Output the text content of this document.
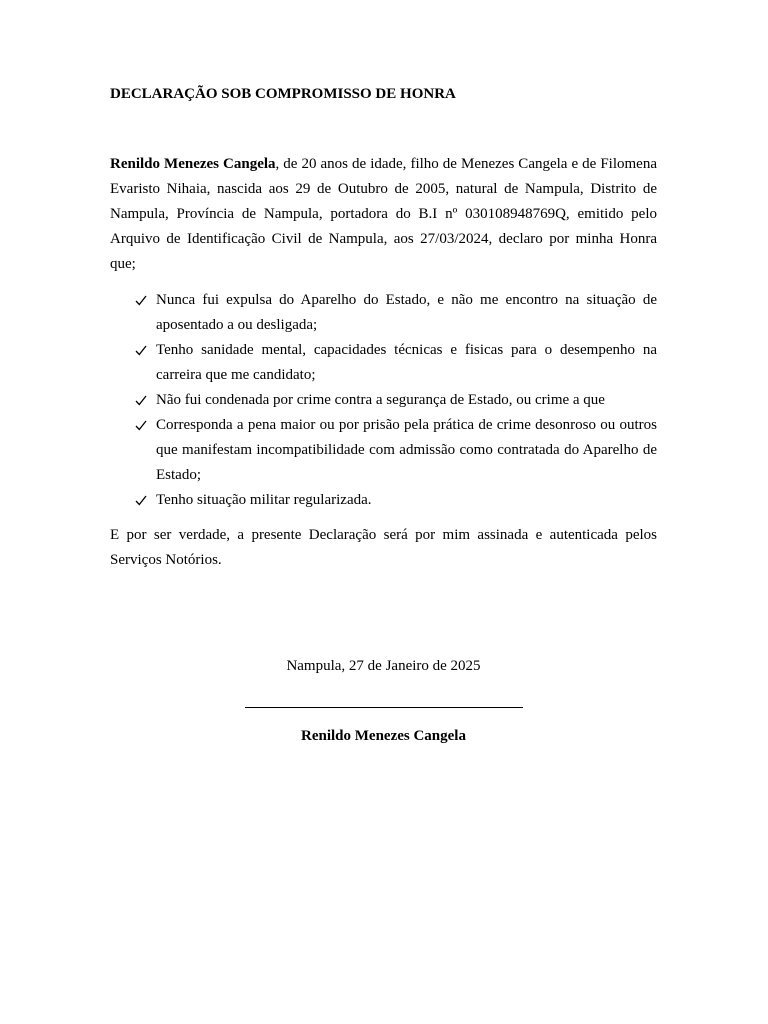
DECLARAÇÃO SOB COMPROMISSO DE HONRA

Renildo Menezes Cangela, de 20 anos de idade, filho de Menezes Cangela e de Filomena Evaristo Nihaia, nascida aos 29 de Outubro de 2005, natural de Nampula, Distrito de Nampula, Província de Nampula, portadora do B.I nº 030108948769Q, emitido pelo Arquivo de Identificação Civil de Nampula, aos 27/03/2024, declaro por minha Honra que;

Nunca fui expulsa do Aparelho do Estado, e não me encontro na situação de aposentado a ou desligada;
Tenho sanidade mental, capacidades técnicas e fisicas para o desempenho na carreira que me candidato;
Não fui condenada por crime contra a segurança de Estado, ou crime a que
Corresponda a pena maior ou por prisão pela prática de crime desonroso ou outros que manifestam incompatibilidade com admissão como contratada do Aparelho de Estado;
Tenho situação militar regularizada.

E por ser verdade, a presente Declaração será por mim assinada e autenticada pelos Serviços Notórios.

Nampula, 27 de Janeiro de 2025

Renildo Menezes Cangela
